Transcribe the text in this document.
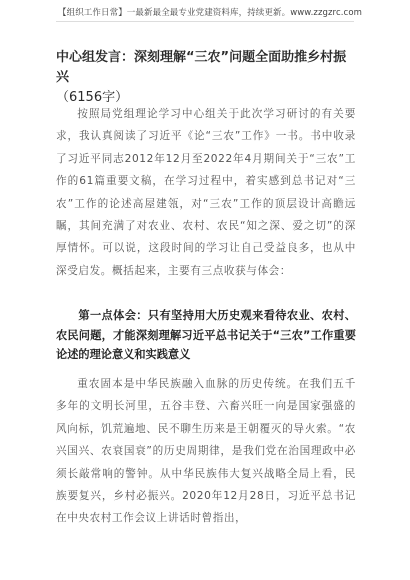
【组织工作日常】一最新最全最专业党建资料库，持续更新。www.zzgzrc.com
中心组发言：深刻理解“三农”问题全面助推乡村振兴
（6156字）
按照局党组理论学习中心组关于此次学习研讨的有关要求，我认真阅读了习近平《论“三农”工作》一书。书中收录了习近平同志2012年12月至2022年4月期间关于“三农”工作的61篇重要文稿，在学习过程中，着实感到总书记对“三农”工作的论述高屋建瓴，对“三农”工作的顶层设计高瞻远瞩，其间充满了对农业、农村、农民“知之深、爱之切”的深厚情怀。可以说，这段时间的学习让自己受益良多，也从中深受启发。概括起来，主要有三点收获与体会：
第一点体会：只有坚持用大历史观来看待农业、农村、农民问题，才能深刻理解习近平总书记关于“三农”工作重要论述的理论意义和实践意义
重农固本是中华民族融入血脉的历史传统。在我们五千多年的文明长河里，五谷丰登、六畜兴旺一向是国家强盛的风向标，饥荒遍地、民不聊生历来是王朝覆灭的导火索。“农兴国兴、农衰国衰”的历史周期律，是我们党在治国理政中必须长敲常响的警钟。从中华民族伟大复兴战略全局上看，民族要复兴，乡村必振兴。2020年12月28日，习近平总书记在中央农村工作会议上讲话时曾指出，
